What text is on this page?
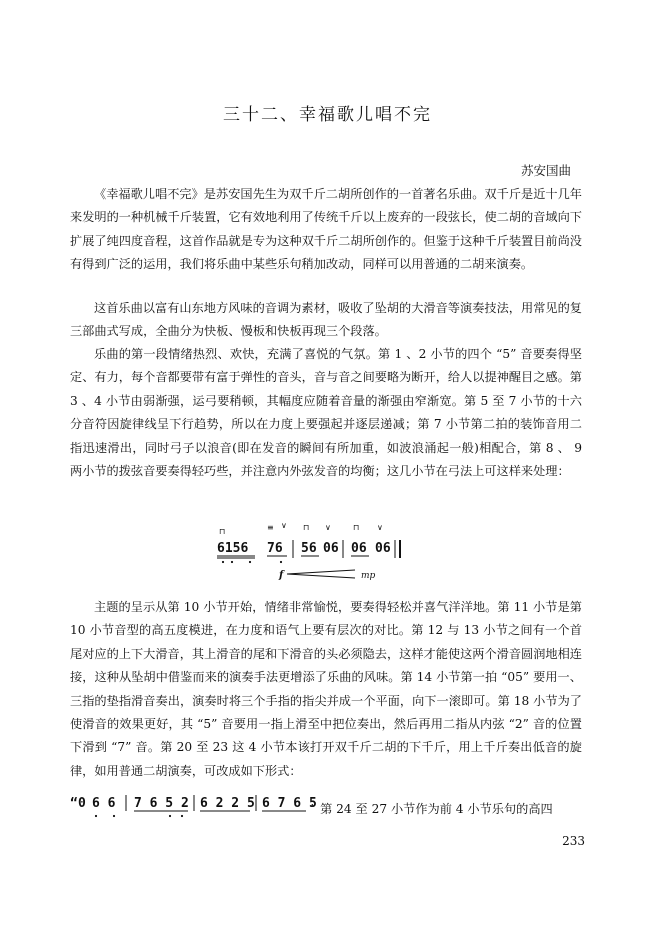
三十二、幸福歌儿唱不完
苏安国曲

《幸福歌儿唱不完》是苏安国先生为双千斤二胡所创作的一首著名乐曲。双千斤是近十几年来发明的一种机械千斤装置，它有效地利用了传统千斤以上废弃的一段弦长，使二胡的音域向下扩展了纯四度音程，这首作品就是专为这种双千斤二胡所创作的。但鉴于这种千斤装置目前尚没有得到广泛的运用，我们将乐曲中某些乐句稍加改动，同样可以用普通的二胡来演奏。

这首乐曲以富有山东地方风味的音调为素材，吸收了坠胡的大滑音等演奏技法，用常见的复三部曲式写成，全曲分为快板、慢板和快板再现三个段落。

乐曲的第一段情绪热烈、欢快，充满了喜悦的气氛。第 1 、2 小节的四个 “5” 音要奏得坚定、有力，每个音都要带有富于弹性的音头，音与音之间要略为断开，给人以提神醒目之感。第 3 、4 小节由弱渐强，运弓要稍顿，其幅度应随着音量的渐强由窄渐宽。第 5 至 7 小节的十六分音符因旋律线呈下行趋势，所以在力度上要强起并逐层递减；第 7 小节第二拍的装饰音用二指迅速滑出，同时弓子以浪音(即在发音的瞬间有所加重，如波浪涌起一般)相配合，第 8 、 9 两小节的拨弦音要奏得轻巧些，并注意内外弦发音的均衡；这几小节在弓法上可这样来处理：

6156 76 56 06 06 06
⊓	≡ ∨ ⊓ ∨	⊓ ∨
f	mp

主题的呈示从第 10 小节开始，情绪非常愉悦，要奏得轻松并喜气洋洋地。第 11 小节是第 10 小节音型的高五度模进，在力度和语气上要有层次的对比。第 12 与 13 小节之间有一个首尾对应的上下大滑音，其上滑音的尾和下滑音的头必须隐去，这样才能使这两个滑音圆润地相连接，这种从坠胡中借鉴而来的演奏手法更增添了乐曲的风味。第 14 小节第一拍 “05” 要用一、三指的垫指滑音奏出，演奏时将三个手指的指尖并成一个平面，向下一滚即可。第 18 小节为了使滑音的效果更好，其 “5” 音要用一指上滑至中把位奏出，然后再用二指从内弦 “2” 音的位置下滑到 “7” 音。第 20 至 23 这 4 小节本该打开双千斤二胡的下千斤，用上千斤奏出低音的旋律，如用普通二胡演奏，可改成如下形式：

“ 0 6 6 7 6 5 2 6 2 2 5 6 7 6 5
” 第 24 至 27 小节作为前 4 小节乐句的高四
233
